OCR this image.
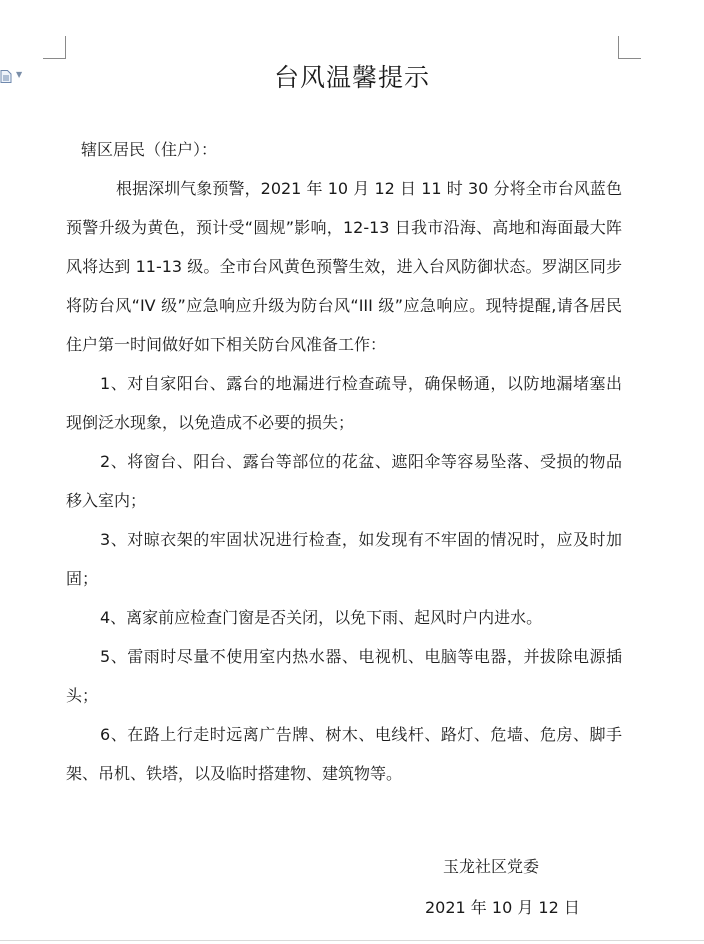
▼	台风温馨提示

辖区居民（住户）：

根据深圳气象预警，2021 年 10 月 12 日 11 时 30 分将全市台风蓝色预警升级为黄色，预计受“圆规”影响，12-13 日我市沿海、高地和海面最大阵风将达到 11-13 级。全市台风黄色预警生效，进入台风防御状态。罗湖区同步将防台风“IV 级”应急响应升级为防台风“III 级”应急响应。现特提醒,请各居民住户第一时间做好如下相关防台风准备工作：

1、对自家阳台、露台的地漏进行检查疏导，确保畅通，以防地漏堵塞出现倒泛水现象，以免造成不必要的损失；

2、将窗台、阳台、露台等部位的花盆、遮阳伞等容易坠落、受损的物品移入室内；

3、对晾衣架的牢固状况进行检查，如发现有不牢固的情况时，应及时加固；

4、离家前应检查门窗是否关闭，以免下雨、起风时户内进水。

5、雷雨时尽量不使用室内热水器、电视机、电脑等电器，并拔除电源插头；

6、在路上行走时远离广告牌、树木、电线杆、路灯、危墙、危房、脚手架、吊机、铁塔，以及临时搭建物、建筑物等。

玉龙社区党委
2021 年 10 月 12 日
